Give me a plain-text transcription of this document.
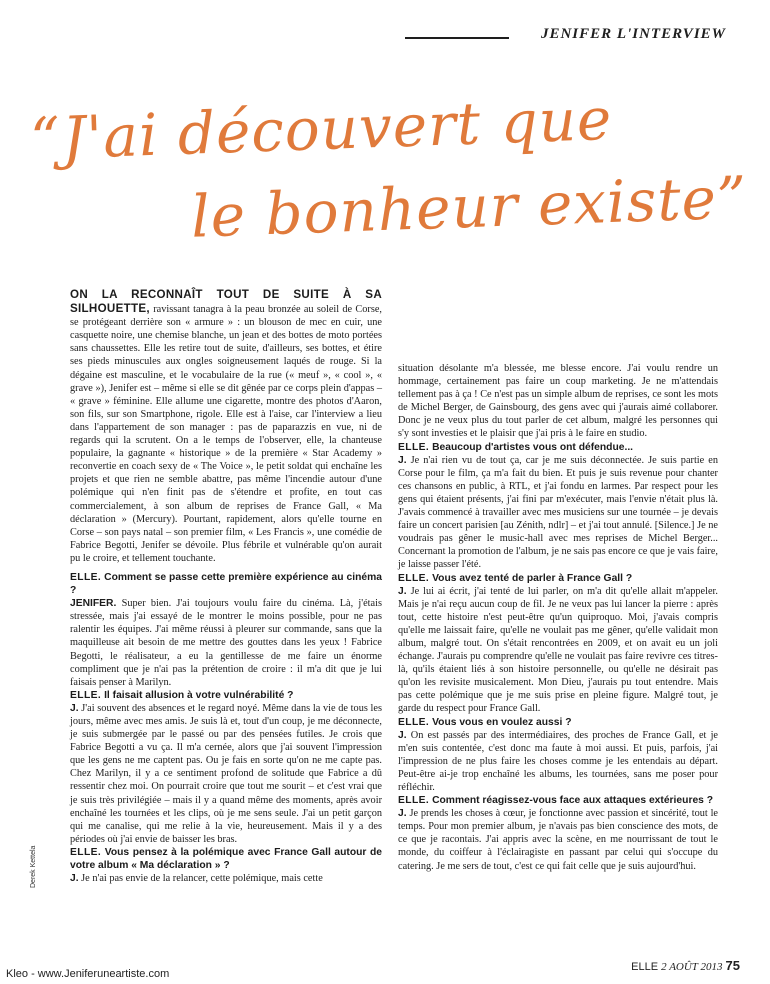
JENIFER L'INTERVIEW
“J'ai découvert que
le bonheur existe”

ON LA RECONNAÎT TOUT DE SUITE À SA SILHOUETTE, ravissant tanagra à la peau bronzée au soleil de Corse, se protégeant derrière son « armure » : un blouson de mec en cuir, une casquette noire, une chemise blanche, un jean et des bottes de moto portées sans chaussettes. Elle les retire tout de suite, d'ailleurs, ses bottes, et étire ses pieds minuscules aux ongles soigneusement laqués de rouge. Si la dégaine est masculine, et le vocabulaire de la rue (« meuf », « cool », « grave »), Jenifer est – même si elle se dit gênée par ce corps plein d'appas – « grave » féminine. Elle allume une cigarette, montre des photos d'Aaron, son fils, sur son Smartphone, rigole. Elle est à l'aise, car l'interview a lieu dans l'appartement de son manager : pas de paparazzis en vue, ni de regards qui la scrutent. On a le temps de l'observer, elle, la chanteuse populaire, la gagnante « historique » de la première « Star Academy » reconvertie en coach sexy de « The Voice », le petit soldat qui enchaîne les projets et que rien ne semble abattre, pas même l'incendie autour d'une polémique qui n'en finit pas de s'étendre et profite, en tout cas commercialement, à son album de reprises de France Gall, « Ma déclaration » (Mercury). Pourtant, rapidement, alors qu'elle tourne en Corse – son pays natal – son premier film, « Les Francis », une comédie de Fabrice Begotti, Jenifer se dévoile. Plus fébrile et vulnérable qu'on aurait pu le croire, et tellement touchante.

ELLE. Comment se passe cette première expérience au cinéma ?

JENIFER. Super bien. J'ai toujours voulu faire du cinéma. Là, j'étais stressée, mais j'ai essayé de le montrer le moins possible, pour ne pas ralentir les équipes. J'ai même réussi à pleurer sur commande, sans que la maquilleuse ait besoin de me mettre des gouttes dans les yeux ! Fabrice Begotti, le réalisateur, a eu la gentillesse de me faire un énorme compliment que je n'ai pas la prétention de croire : il m'a dit que je lui faisais penser à Marilyn.

ELLE. Il faisait allusion à votre vulnérabilité ?

J. J'ai souvent des absences et le regard noyé. Même dans la vie de tous les jours, même avec mes amis. Je suis là et, tout d'un coup, je me déconnecte, je suis submergée par le passé ou par des pensées futiles. Je crois que Fabrice Begotti a vu ça. Il m'a cernée, alors que j'ai souvent l'impression que les gens ne me captent pas. Ou je fais en sorte qu'on ne me capte pas. Chez Marilyn, il y a ce sentiment profond de solitude que Fabrice a dû ressentir chez moi. On pourrait croire que tout me sourit – et c'est vrai que je suis très privilégiée – mais il y a quand même des moments, après avoir enchaîné les tournées et les clips, où je me sens seule. J'ai un petit garçon qui me canalise, qui me relie à la vie, heureusement. Mais il y a des périodes où j'ai envie de baisser les bras.

ELLE. Vous pensez à la polémique avec France Gall autour de votre album « Ma déclaration » ?

J. Je n'ai pas envie de la relancer, cette polémique, mais cette

situation désolante m'a blessée, me blesse encore. J'ai voulu rendre un hommage, certainement pas faire un coup marketing. Je ne m'attendais tellement pas à ça ! Ce n'est pas un simple album de reprises, ce sont les mots de Michel Berger, de Gainsbourg, des gens avec qui j'aurais aimé collaborer. Donc je ne veux plus du tout parler de cet album, malgré les personnes qui s'y sont investies et le plaisir que j'ai pris à le faire en studio.

ELLE. Beaucoup d'artistes vous ont défendue...

J. Je n'ai rien vu de tout ça, car je me suis déconnectée. Je suis partie en Corse pour le film, ça m'a fait du bien. Et puis je suis revenue pour chanter ces chansons en public, à RTL, et j'ai fondu en larmes. Par respect pour les gens qui étaient présents, j'ai fini par m'exécuter, mais l'envie n'était plus là. J'avais commencé à travailler avec mes musiciens sur une tournée – je devais faire un concert parisien [au Zénith, ndlr] – et j'ai tout annulé. [Silence.] Je ne voudrais pas gêner le music-hall avec mes reprises de Michel Berger... Concernant la promotion de l'album, je ne sais pas encore ce que je vais faire, je laisse passer l'été.

ELLE. Vous avez tenté de parler à France Gall ?

J. Je lui ai écrit, j'ai tenté de lui parler, on m'a dit qu'elle allait m'appeler. Mais je n'ai reçu aucun coup de fil. Je ne veux pas lui lancer la pierre : après tout, cette histoire n'est peut-être qu'un quiproquo. Moi, j'avais compris qu'elle me laissait faire, qu'elle ne voulait pas me gêner, qu'elle validait mon album, malgré tout. On s'était rencontrées en 2009, et on avait eu un joli échange. J'aurais pu comprendre qu'elle ne voulait pas faire revivre ces titres-là, qu'ils étaient liés à son histoire personnelle, ou qu'elle ne désirait pas qu'on les revisite musicalement. Mon Dieu, j'aurais pu tout entendre. Mais pas cette polémique que je me suis prise en pleine figure. Malgré tout, je garde du respect pour France Gall.

ELLE. Vous vous en voulez aussi ?

J. On est passés par des intermédiaires, des proches de France Gall, et je m'en suis contentée, c'est donc ma faute à moi aussi. Et puis, parfois, j'ai l'impression de ne plus faire les choses comme je les entendais au départ. Peut-être ai-je trop enchaîné les albums, les tournées, sans me poser pour réfléchir.

ELLE. Comment réagissez-vous face aux attaques extérieures ?

J. Je prends les choses à cœur, je fonctionne avec passion et sincérité, tout le temps. Pour mon premier album, je n'avais pas bien conscience des mots, de ce que je racontais. J'ai appris avec la scène, en me nourrissant de tout le monde, du coiffeur à l'éclairagiste en passant par celui qui s'occupe du catering. Je me sers de tout, c'est ce qui fait celle que je suis aujourd'hui.

Derek Kettela
ELLE 2 AOÛT 2013 75
Kleo - www.Jeniferuneartiste.com
